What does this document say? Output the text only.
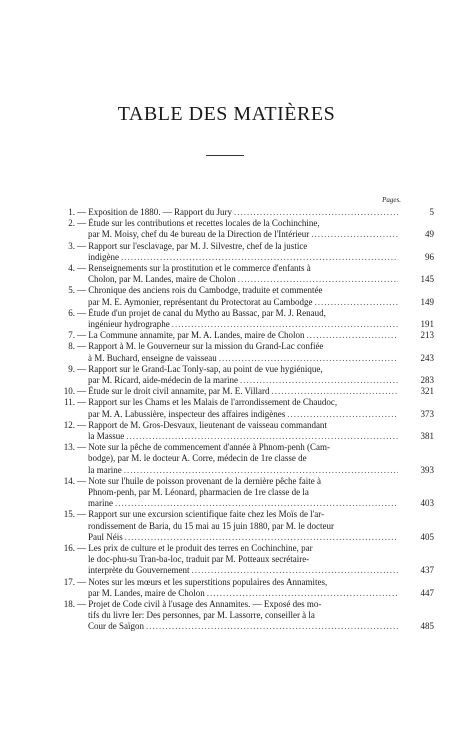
TABLE DES MATIÈRES
Pages.
1. — Exposition de 1880. — Rapport du Jury .....	5
2. — Étude sur les contributions et recettes locales de la Cochinchine,
par M. Moisy, chef du 4e bureau de la Direction de l'Intérieur .....	49
3. — Rapport sur l'esclavage, par M. J. Silvestre, chef de la justice
indigène .....	96
4. — Renseignements sur la prostitution et le commerce d'enfants à
Cholon, par M. Landes, maire de Cholon .....	145
5. — Chronique des anciens rois du Cambodge, traduite et commentée
par M. E. Aymonier, représentant du Protectorat au Cambodge .....	149
6. — Étude d'un projet de canal du Mytho au Bassac, par M. J. Renaud,
ingénieur hydrographe .....	191
7. — La Commune annamite, par M. A. Landes, maire de Cholon .....	213
8. — Rapport à M. le Gouverneur sur la mission du Grand-Lac confiée
à M. Buchard, enseigne de vaisseau .....	243
9. — Rapport sur le Grand-Lac Tonly-sap, au point de vue hygiénique,
par M. Ricard, aide-médecin de la marine .....	283
10. — Étude sur le droit civil annamite, par M. E. Villard .....	321
11. — Rapport sur les Chams et les Malais de l'arrondissement de Chaudoc,
par M. A. Labussière, inspecteur des affaires indigènes .....	373
12. — Rapport de M. Gros-Desvaux, lieutenant de vaisseau commandant
la Massue .....	381
13. — Note sur la pêche de commencement d'année à Phnom-penh (Cam-
bodge), par M. le docteur A. Corre, médecin de 1re classe de
la marine .....	393
14. — Note sur l'huile de poisson provenant de la dernière pêche faite à
Phnom-penh, par M. Léonard, pharmacien de 1re classe de la
marine .....	403
15. — Rapport sur une excursion scientifique faite chez les Moïs de l'ar-
rondissement de Baria, du 15 mai au 15 juin 1880, par M. le docteur
Paul Néis .....	405
16. — Les prix de culture et le produit des terres en Cochinchine, par
le doc-phu-su Tran-ba-loc, traduit par M. Potteaux secrétaire-
interprète du Gouvernement .....	437
17. — Notes sur les mœurs et les superstitions populaires des Annamites,
par M. Landes, maire de Cholon .....	447
18. — Projet de Code civil à l'usage des Annamites. — Exposé des mo-
tifs du livre Ier: Des personnes, par M. Lassorre, conseiller à la
Cour de Saïgon .....	485
